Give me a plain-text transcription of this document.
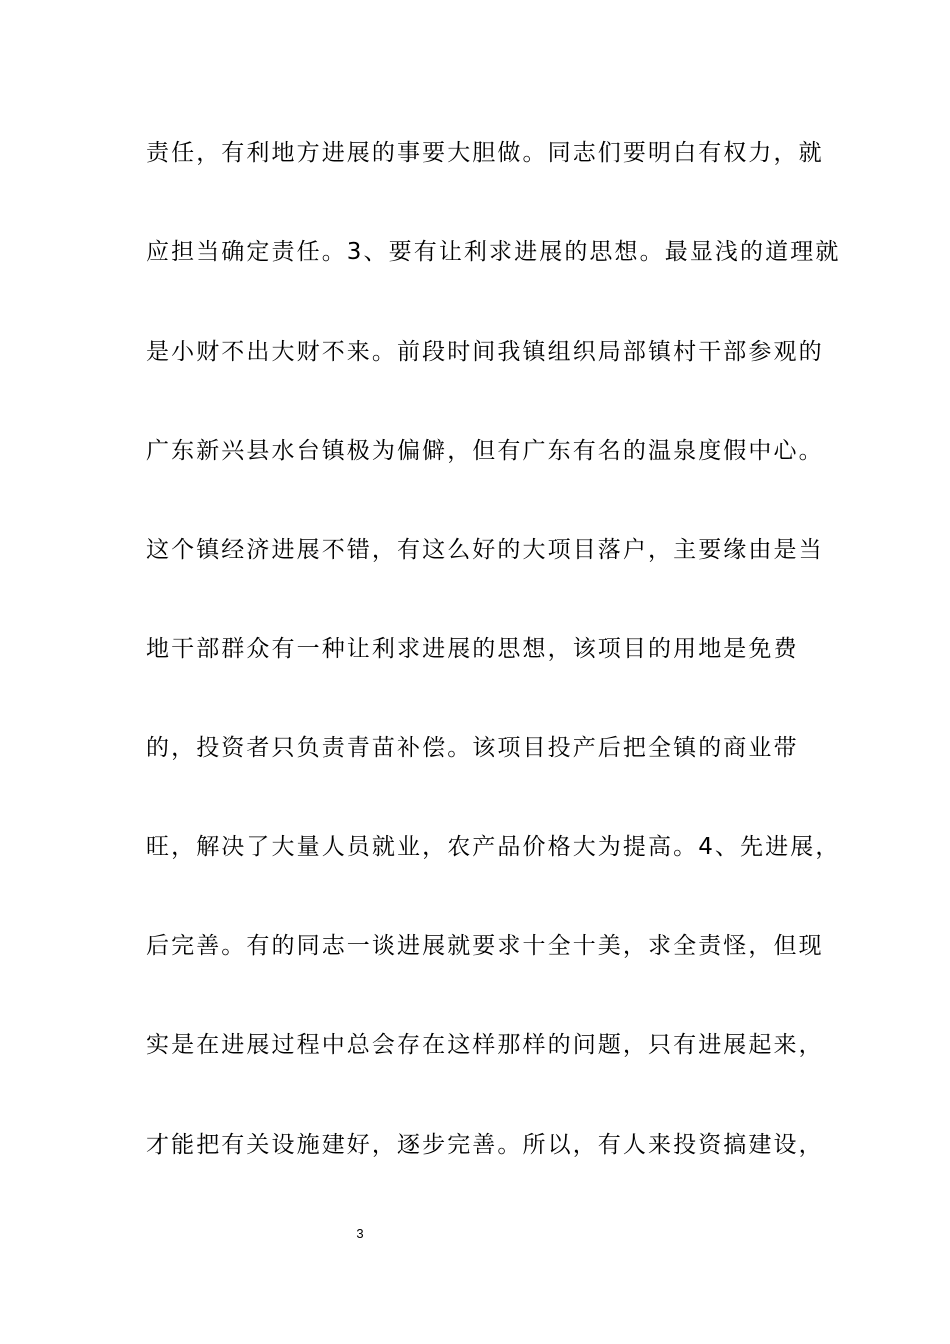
责任，有利地方进展的事要大胆做。同志们要明白有权力，就
应担当确定责任。3、要有让利求进展的思想。最显浅的道理就
是小财不出大财不来。前段时间我镇组织局部镇村干部参观的
广东新兴县水台镇极为偏僻，但有广东有名的温泉度假中心。
这个镇经济进展不错，有这么好的大项目落户，主要缘由是当
地干部群众有一种让利求进展的思想，该项目的用地是免费
的，投资者只负责青苗补偿。该项目投产后把全镇的商业带
旺，解决了大量人员就业，农产品价格大为提高。4、先进展，
后完善。有的同志一谈进展就要求十全十美，求全责怪，但现
实是在进展过程中总会存在这样那样的问题，只有进展起来，
才能把有关设施建好，逐步完善。所以，有人来投资搞建设，
3
